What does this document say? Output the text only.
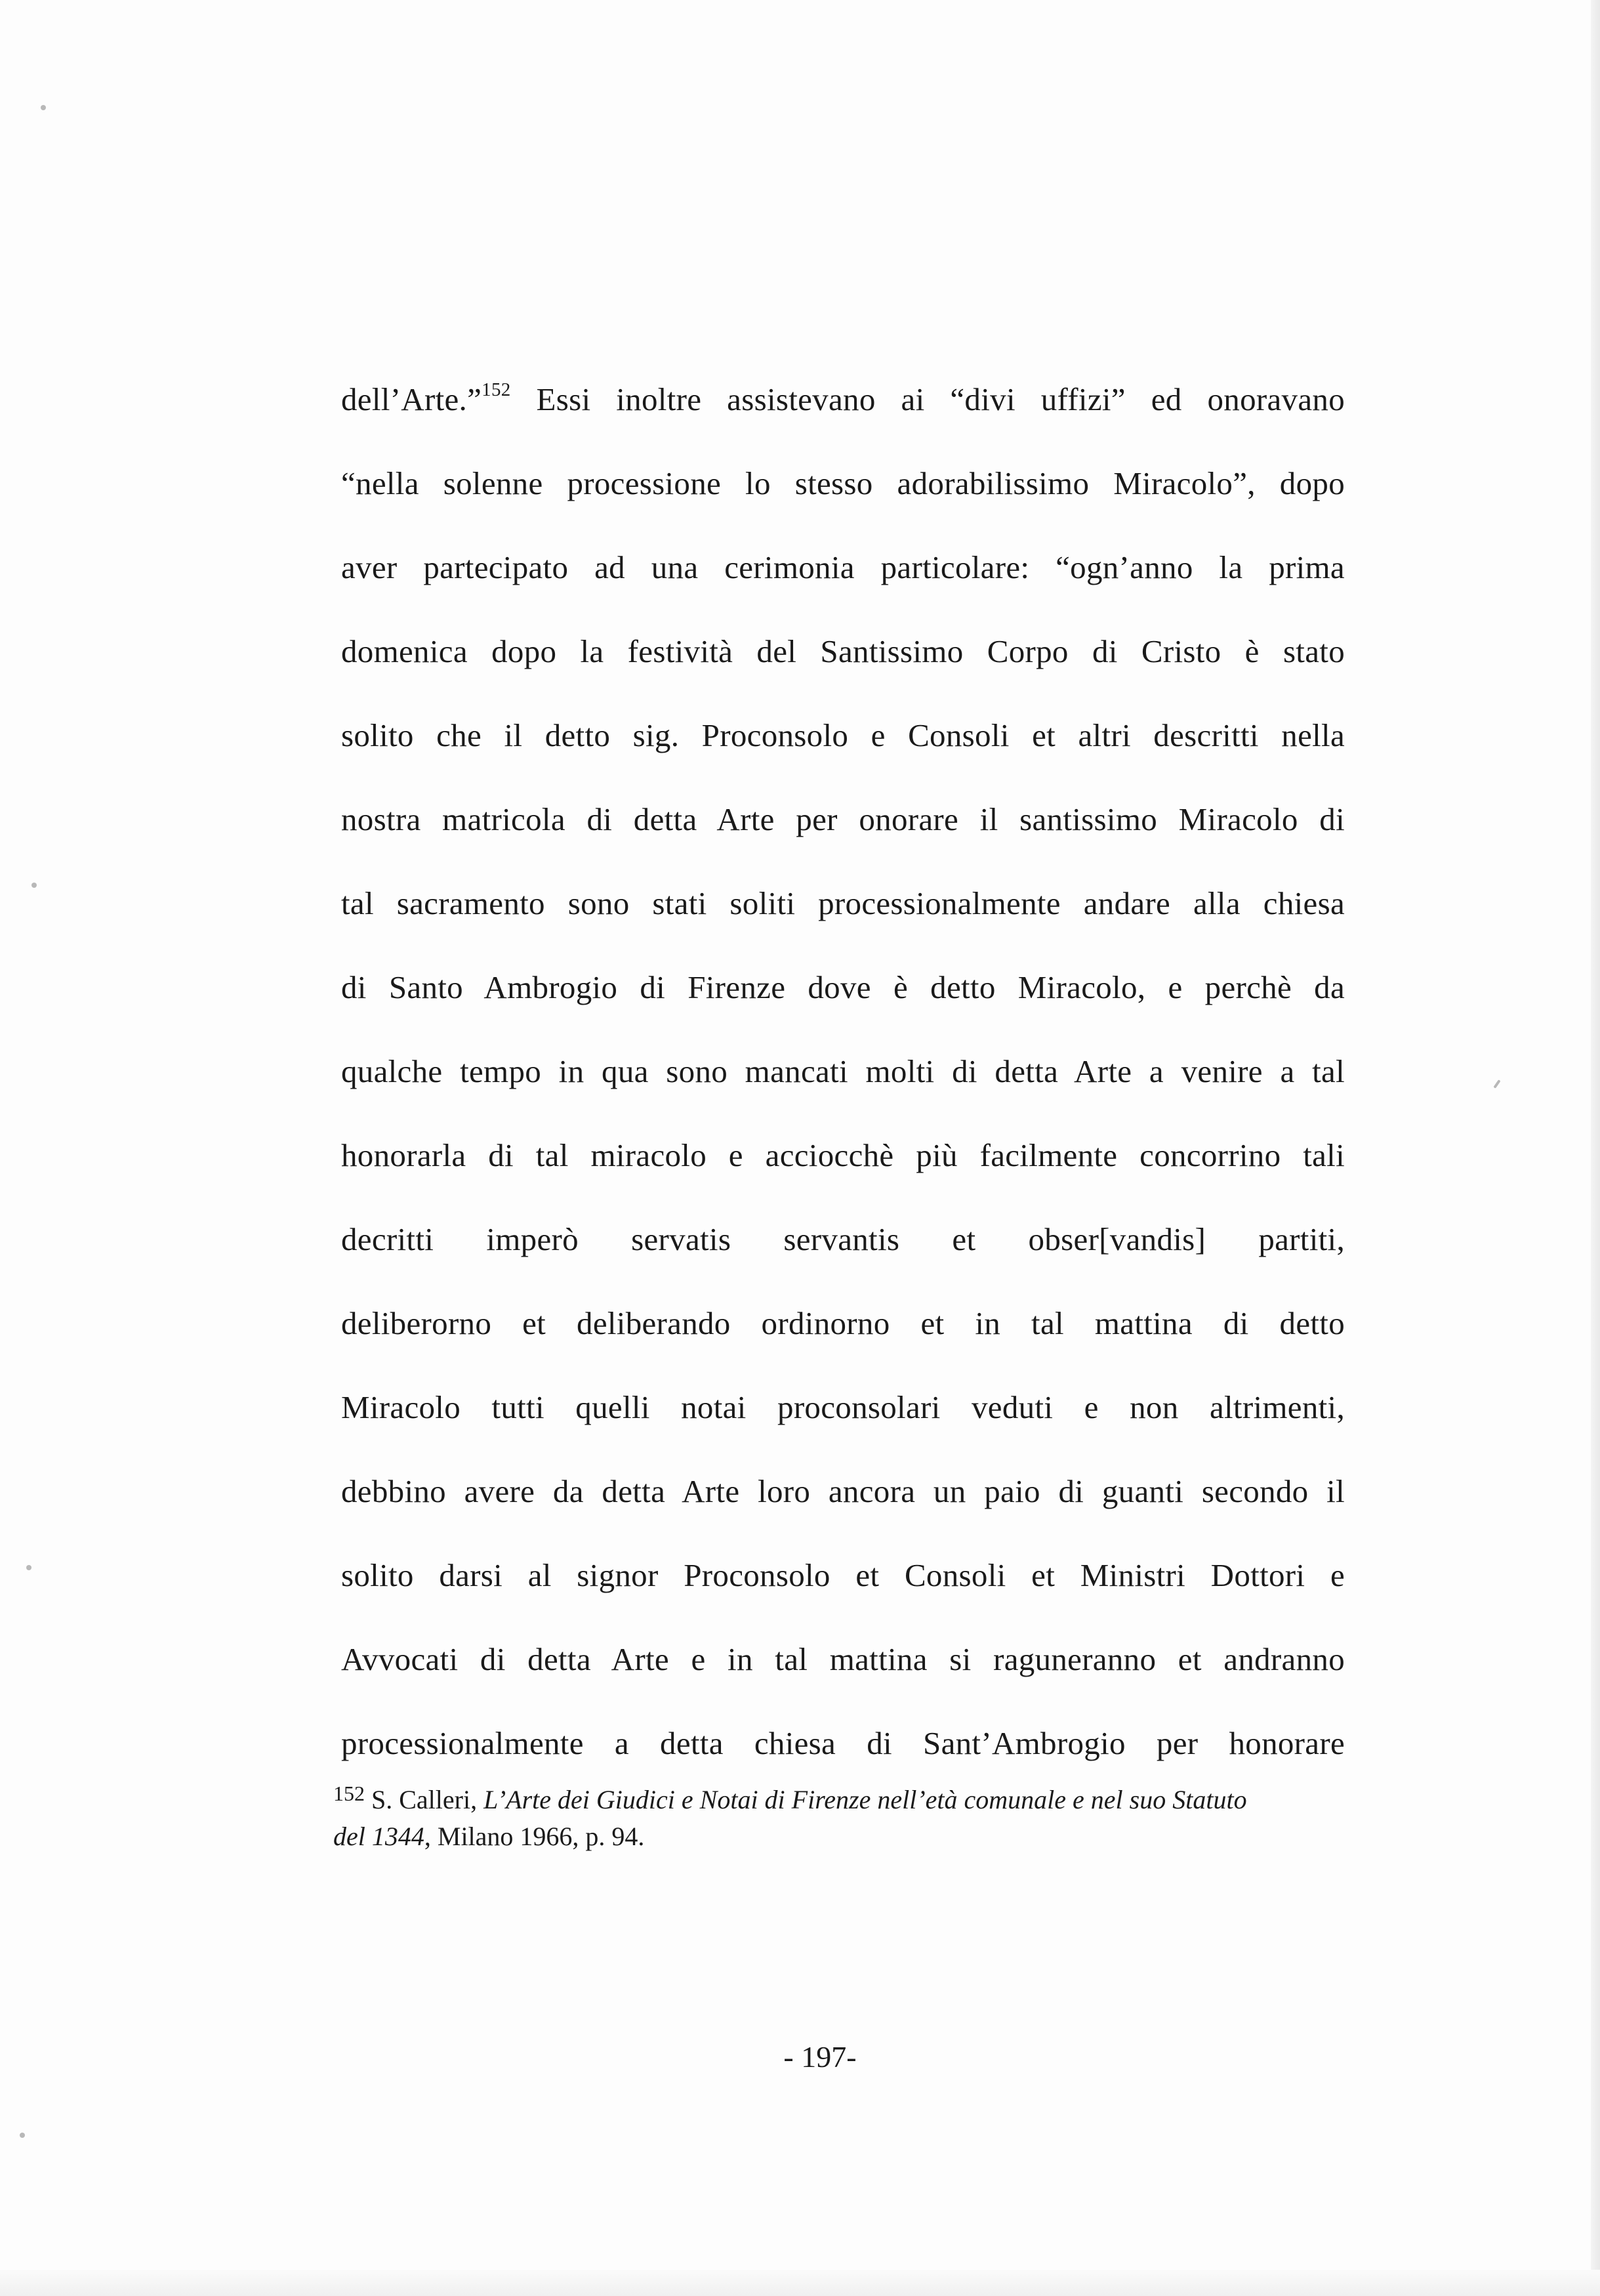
dell’Arte.”$^{152}$ Essi inoltre assistevano ai “divi uffizi” ed onoravano
“nella solenne processione lo stesso adorabilissimo Miracolo”, dopo
aver partecipato ad una cerimonia particolare: “ogn’anno la prima
domenica dopo la festività del Santissimo Corpo di Cristo è stato
solito che il detto sig. Proconsolo e Consoli et altri descritti nella
nostra matricola di detta Arte per onorare il santissimo Miracolo di
tal sacramento sono stati soliti processionalmente andare alla chiesa
di Santo Ambrogio di Firenze dove è detto Miracolo, e perchè da
qualche tempo in qua sono mancati molti di detta Arte a venire a tal
honorarla di tal miracolo e acciocchè più facilmente concorrino tali
decritti imperò servatis servantis et obser[vandis] partiti,
deliberorno et deliberando ordinorno et in tal mattina di detto
Miracolo tutti quelli notai proconsolari veduti e non altrimenti,
debbino avere da detta Arte loro ancora un paio di guanti secondo il
solito darsi al signor Proconsolo et Consoli et Ministri Dottori e
Avvocati di detta Arte e in tal mattina si raguneranno et andranno
processionalmente a detta chiesa di Sant’Ambrogio per honorare
$^{152}$ S. Calleri, L’Arte dei Giudici e Notai di Firenze nell’età comunale e nel suo Statuto
del 1344, Milano 1966, p. 94.
- 197-
